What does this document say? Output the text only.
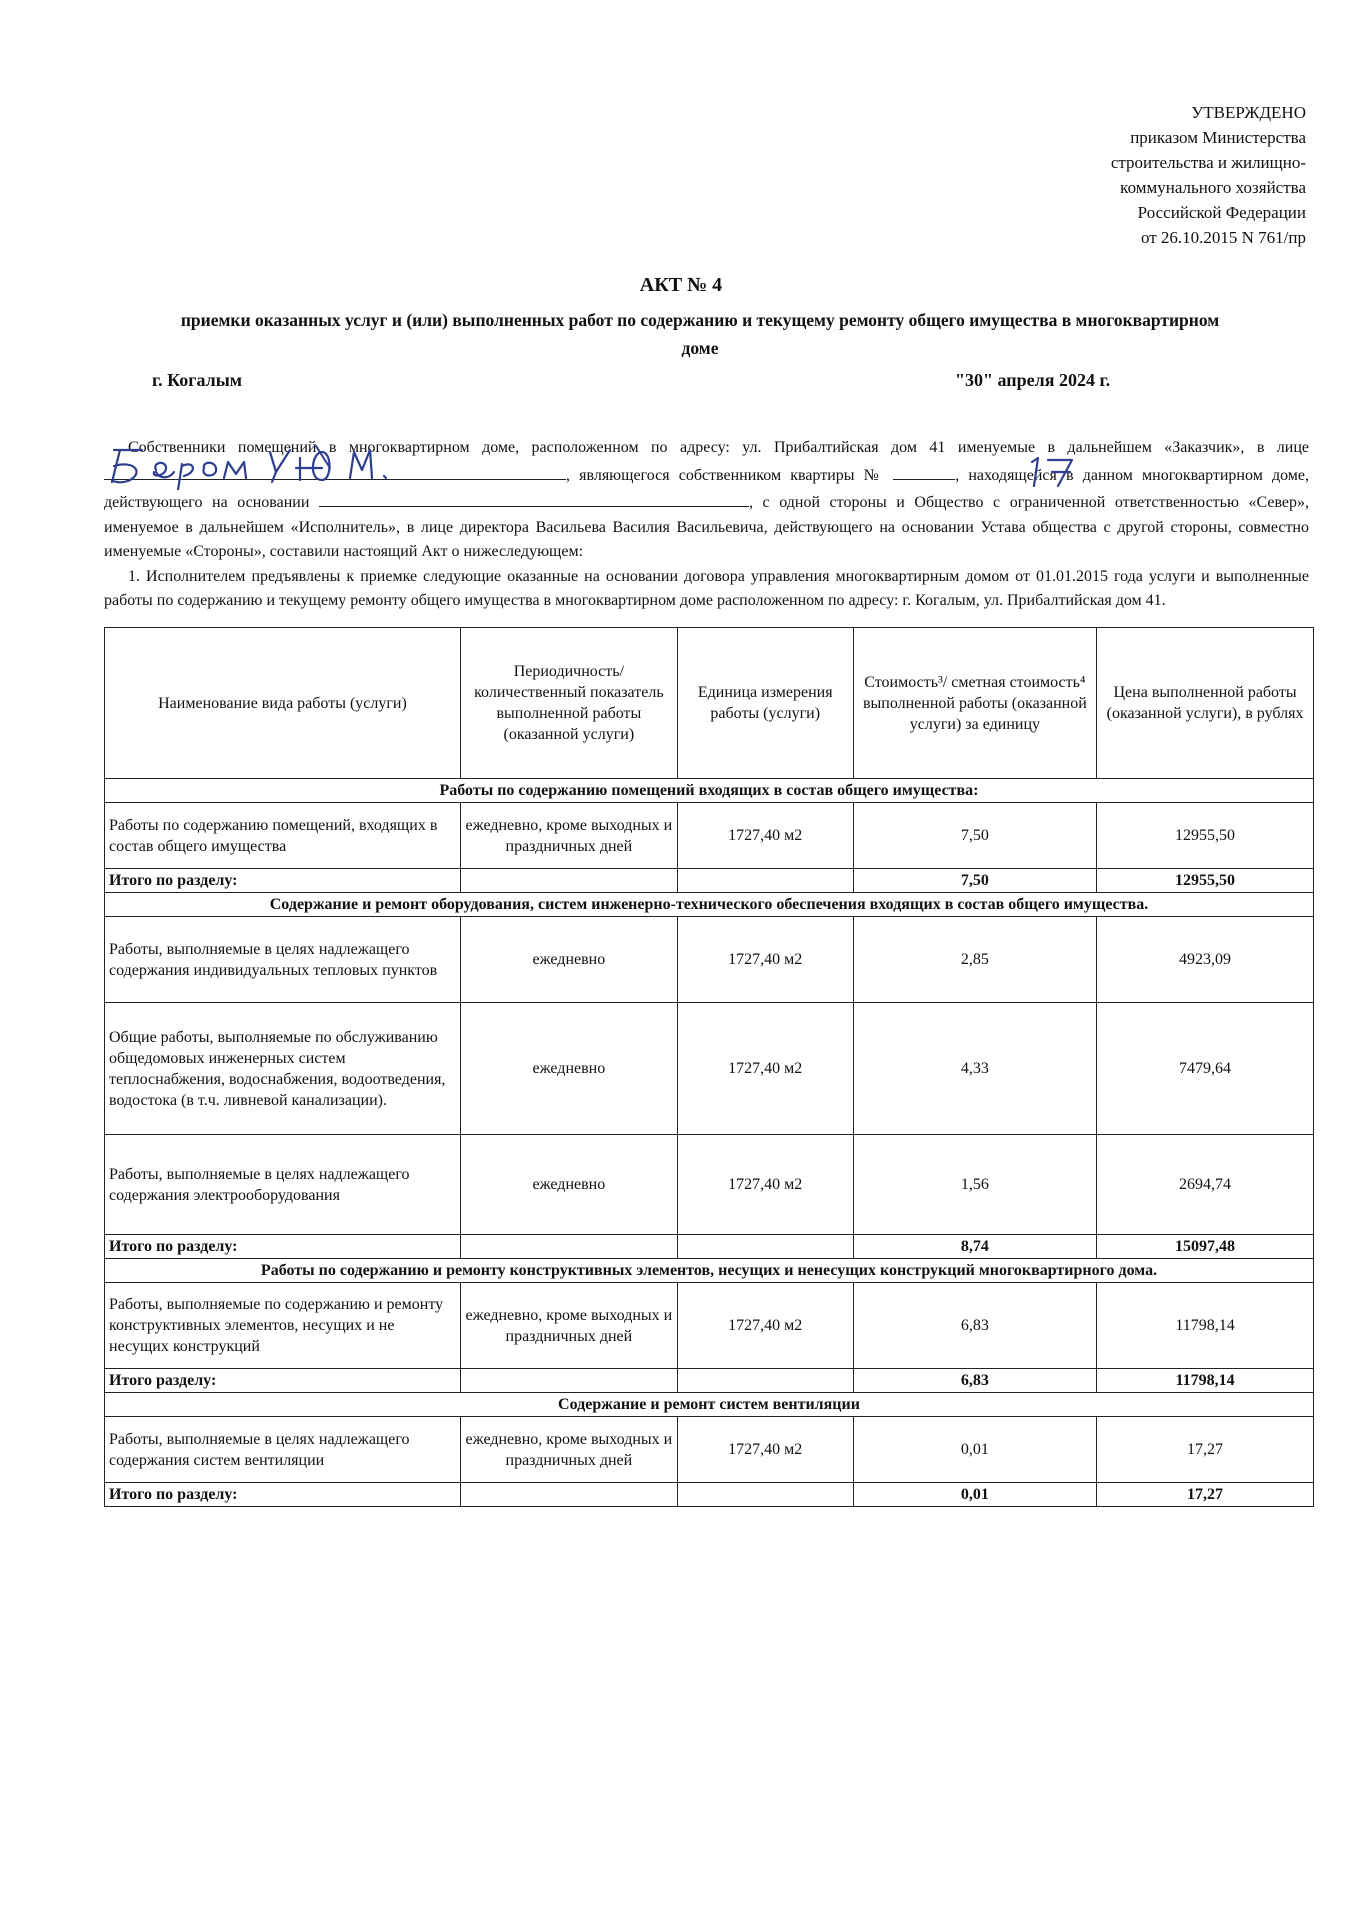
УТВЕРЖДЕНО
приказом Министерства
строительства и жилищно-
коммунального хозяйства
Российской Федерации
от 26.10.2015 N 761/пр
АКТ № 4
приемки оказанных услуг и (или) выполненных работ по содержанию и текущему ремонту общего имущества в многоквартирном доме
г. Когалым	"30" апреля 2024 г.

Собственники помещений в многоквартирном доме, расположенном по адресу: ул. Прибалтийская дом 41 именуемые в дальнейшем «Заказчик», в лице , являющегося собственником квартиры №	, находящейся в данном многоквартирном доме, действующего на основании	, с одной стороны и Общество с ограниченной ответственностью «Север», именуемое в дальнейшем «Исполнитель», в лице директора Васильева Василия Васильевича, действующего на основании Устава общества с другой стороны, совместно именуемые «Стороны», составили настоящий Акт о нижеследующем:

1. Исполнителем предъявлены к приемке следующие оказанные на основании договора управления многоквартирным домом от 01.01.2015 года услуги и выполненные работы по содержанию и текущему ремонту общего имущества в многоквартирном доме расположенном по адресу: г. Когалым, ул. Прибалтийская дом 41.

Наименование вида работы (услуги)	Периодичность/ количественный показатель выполненной работы (оказанной услуги)	Единица измерения работы (услуги)	Стоимость³/ сметная стоимость⁴ выполненной работы (оказанной услуги) за единицу	Цена выполненной работы (оказанной услуги), в рублях
Работы по содержанию помещений входящих в состав общего имущества:				
Работы по содержанию помещений, входящих в состав общего имущества	ежедневно, кроме выходных и праздничных дней	1727,40 м2	7,50	12955,50
Итого по разделу:			7,50	12955,50
Содержание и ремонт оборудования, систем инженерно-технического обеспечения входящих в состав общего имущества.				
Работы, выполняемые в целях надлежащего содержания индивидуальных тепловых пунктов	ежедневно	1727,40 м2	2,85	4923,09
Общие работы, выполняемые по обслуживанию общедомовых инженерных систем теплоснабжения, водоснабжения, водоотведения, водостока (в т.ч. ливневой канализации).	ежедневно	1727,40 м2	4,33	7479,64
Работы, выполняемые в целях надлежащего содержания электрооборудования	ежедневно	1727,40 м2	1,56	2694,74
Итого по разделу:			8,74	15097,48
Работы по содержанию и ремонту конструктивных элементов, несущих и ненесущих конструкций многоквартирного дома.				
Работы, выполняемые по содержанию и ремонту конструктивных элементов, несущих и не несущих конструкций	ежедневно, кроме выходных и праздничных дней	1727,40 м2	6,83	11798,14
Итого разделу:			6,83	11798,14
Содержание и ремонт систем вентиляции				
Работы, выполняемые в целях надлежащего содержания систем вентиляции	ежедневно, кроме выходных и праздничных дней	1727,40 м2	0,01	17,27
Итого по разделу:			0,01	17,27
